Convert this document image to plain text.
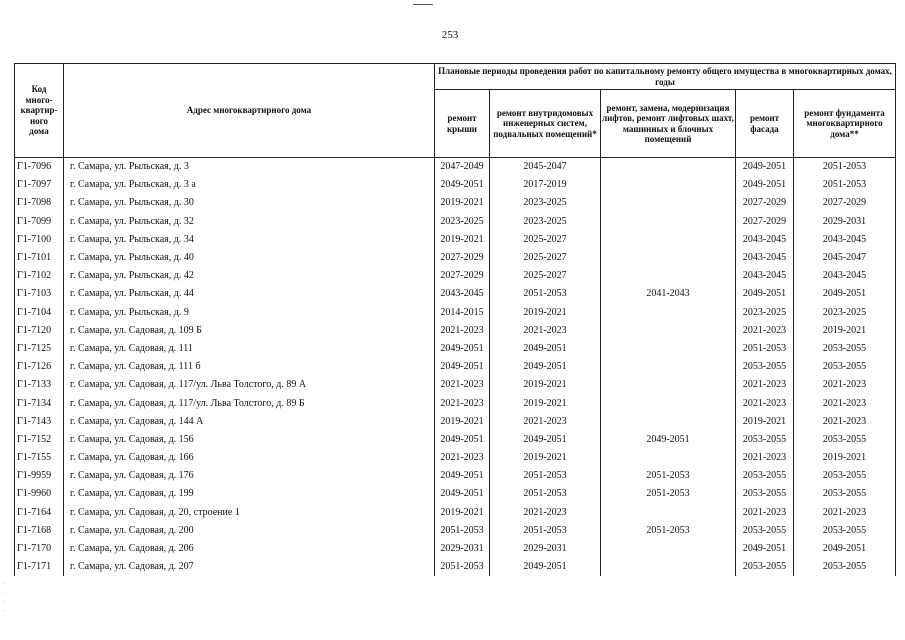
253
Код
много-
квартир-
ного
дома	Адрес многоквартирного дома	Плановые периоды проведения работ по капитальному ремонту общего имущества в многоквартирных домах, годы				
		ремонт крыши	ремонт внутридомовых инженерных систем, подвальных помещений*	ремонт, замена, модернизация лифтов, ремонт лифтовых шахт, машинных и блочных помещений	ремонт фасада	ремонт фундамента многоквартирного дома**
Г1-7096	г. Самара, ул. Рыльская, д. 3	2047-2049	2045-2047		2049-2051	2051-2053
Г1-7097	г. Самара, ул. Рыльская, д. 3 а	2049-2051	2017-2019		2049-2051	2051-2053
Г1-7098	г. Самара, ул. Рыльская, д. 30	2019-2021	2023-2025		2027-2029	2027-2029
Г1-7099	г. Самара, ул. Рыльская, д. 32	2023-2025	2023-2025		2027-2029	2029-2031
Г1-7100	г. Самара, ул. Рыльская, д. 34	2019-2021	2025-2027		2043-2045	2043-2045
Г1-7101	г. Самара, ул. Рыльская, д. 40	2027-2029	2025-2027		2043-2045	2045-2047
Г1-7102	г. Самара, ул. Рыльская, д. 42	2027-2029	2025-2027		2043-2045	2043-2045
Г1-7103	г. Самара, ул. Рыльская, д. 44	2043-2045	2051-2053	2041-2043	2049-2051	2049-2051
Г1-7104	г. Самара, ул. Рыльская, д. 9	2014-2015	2019-2021		2023-2025	2023-2025
Г1-7120	г. Самара, ул. Садовая, д. 109 Б	2021-2023	2021-2023		2021-2023	2019-2021
Г1-7125	г. Самара, ул. Садовая, д. 111	2049-2051	2049-2051		2051-2053	2053-2055
Г1-7126	г. Самара, ул. Садовая, д. 111 б	2049-2051	2049-2051		2053-2055	2053-2055
Г1-7133	г. Самара, ул. Садовая, д. 117/ул. Льва Толстого, д. 89 А	2021-2023	2019-2021		2021-2023	2021-2023
Г1-7134	г. Самара, ул. Садовая, д. 117/ул. Льва Толстого, д. 89 Б	2021-2023	2019-2021		2021-2023	2021-2023
Г1-7143	г. Самара, ул. Садовая, д. 144 А	2019-2021	2021-2023		2019-2021	2021-2023
Г1-7152	г. Самара, ул. Садовая, д. 156	2049-2051	2049-2051	2049-2051	2053-2055	2053-2055
Г1-7155	г. Самара, ул. Садовая, д. 166	2021-2023	2019-2021		2021-2023	2019-2021
Г1-9959	г. Самара, ул. Садовая, д. 176	2049-2051	2051-2053	2051-2053	2053-2055	2053-2055
Г1-9960	г. Самара, ул. Садовая, д. 199	2049-2051	2051-2053	2051-2053	2053-2055	2053-2055
Г1-7164	г. Самара, ул. Садовая, д. 20, строение 1	2019-2021	2021-2023		2021-2023	2021-2023
Г1-7168	г. Самара, ул. Садовая, д. 200	2051-2053	2051-2053	2051-2053	2053-2055	2053-2055
Г1-7170	г. Самара, ул. Садовая, д. 206	2029-2031	2029-2031		2049-2051	2049-2051
Г1-7171	г. Самара, ул. Садовая, д. 207	2051-2053	2049-2051		2053-2055	2053-2055
·
·
·
·
